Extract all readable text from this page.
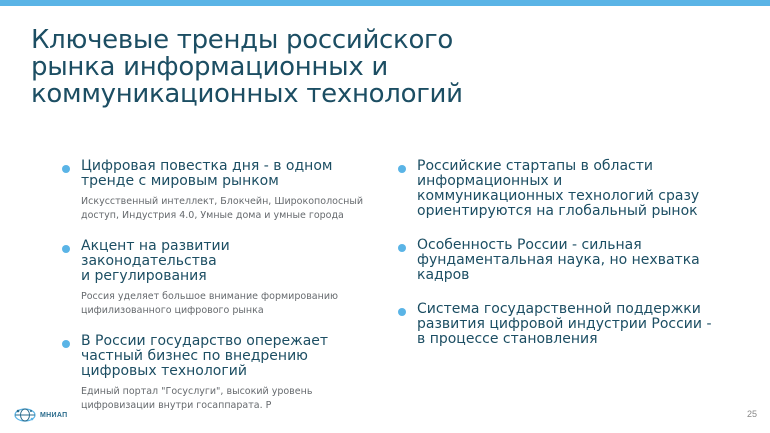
Ключевые тренды российского
рынка информационных и
коммуникационных технологий
Цифровая повестка дня - в одном
тренде с мировым рынком
Искусственный интеллект, Блокчейн, Широкополосный
доступ, Индустрия 4.0, Умные дома и умные города
Акцент на развитии законодательства
и регулирования
Россия уделяет большое внимание формированию
цифилизованного цифрового рынка
В России государство опережает
частный бизнес по внедрению
цифровых технологий
Единый портал "Госуслуги", высокий уровень
цифровизации внутри госаппарата. Р
Российские стартапы в области
информационных и
коммуникационных технологий сразу
ориентируются на глобальный рынок
Особенность России - сильная
фундаментальная наука, но нехватка
кадров
Система государственной поддержки
развития цифровой индустрии России -
в процессе становления
МНИАП	25
